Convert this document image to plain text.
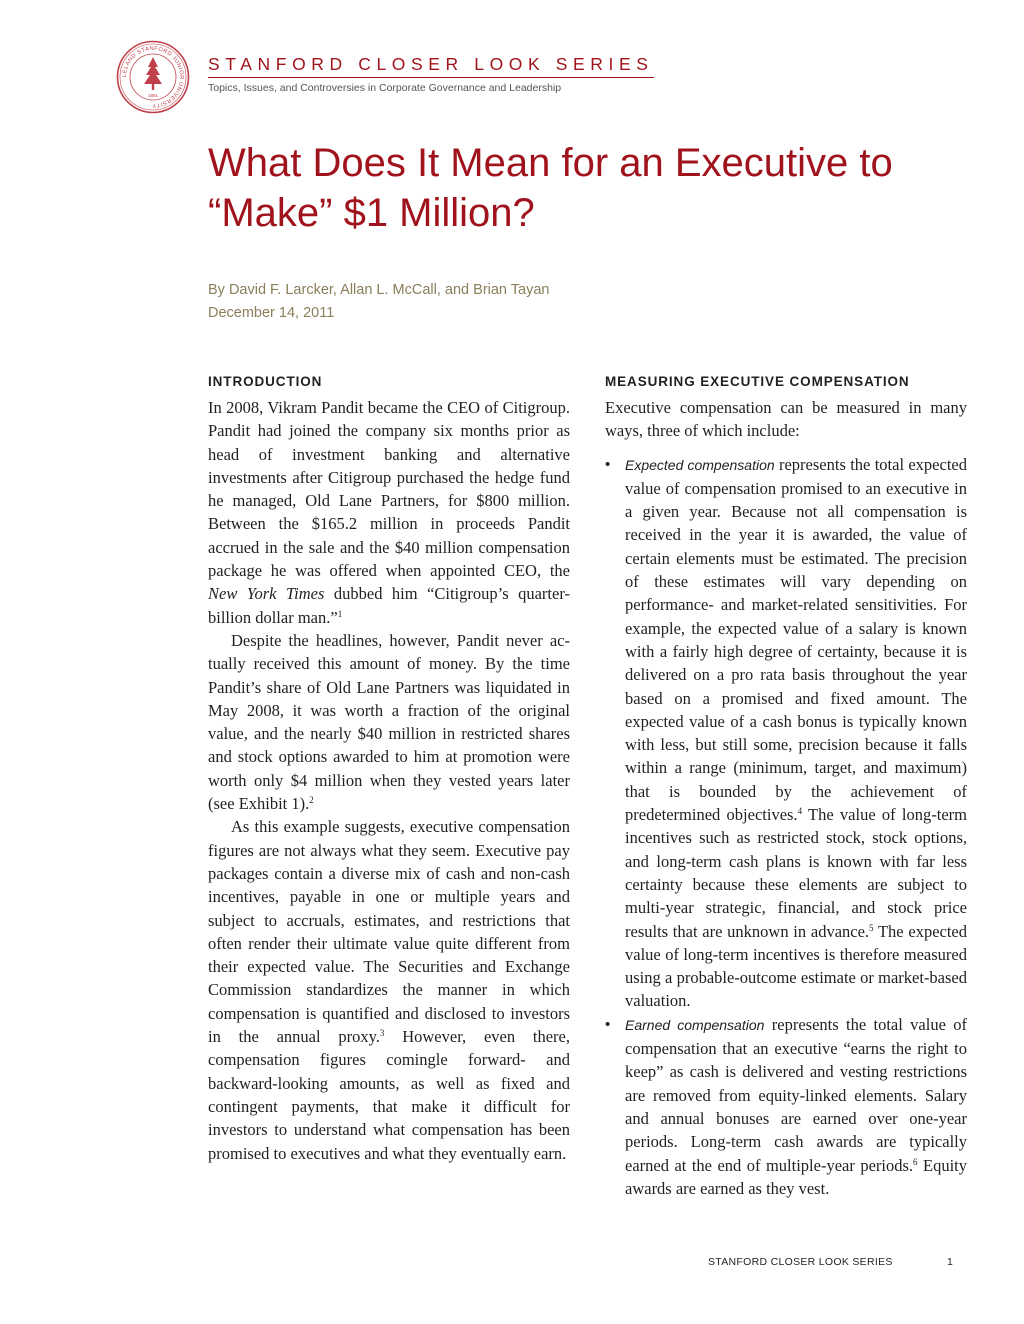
LELAND STANFORD JUNIOR UNIVERSITY
1891
STANFORD CLOSER LOOK SERIES
Topics, Issues, and Controversies in Corporate Governance and Leadership
What Does It Mean for an Executive to
“Make” $1 Million?
By David F. Larcker, Allan L. McCall, and Brian Tayan
December 14, 2011
INTRODUCTION

In 2008, Vikram Pandit became the CEO of Citigroup. Pandit had joined the company six months prior as head of investment banking and alternative investments after Citigroup purchased the hedge fund he managed, Old Lane Partners, for $800 million. Between the $165.2 million in proceeds Pandit accrued in the sale and the $40 million compensation package he was offered when appointed CEO, the New York Times dubbed him “Citigroup’s quarter-billion dollar man.”$^1$

Despite the headlines, however, Pandit never actually received this amount of money. By the time Pandit’s share of Old Lane Partners was liquidated in May 2008, it was worth a fraction of the original value, and the nearly $40 million in restricted shares and stock options awarded to him at promotion were worth only $4 million when they vested years later (see Exhibit 1).$^2$

As this example suggests, executive compensation figures are not always what they seem. Executive pay packages contain a diverse mix of cash and non-cash incentives, payable in one or multiple years and subject to accruals, estimates, and restrictions that often render their ultimate value quite different from their expected value. The Securities and Exchange Commission standardizes the manner in which compensation is quantified and disclosed to investors in the annual proxy.$^3$ However, even there, compensation figures comingle forward- and backward-looking amounts, as well as fixed and contingent payments, that make it difficult for investors to understand what compensation has been promised to executives and what they eventually earn.

MEASURING EXECUTIVE COMPENSATION

Executive compensation can be measured in many ways, three of which include:

• Expected compensation represents the total expected value of compensation promised to an executive in a given year. Because not all compensation is received in the year it is awarded, the value of certain elements must be estimated. The precision of these estimates will vary depending on performance- and market-related sensitivities. For example, the expected value of a salary is known with a fairly high degree of certainty, because it is delivered on a pro rata basis throughout the year based on a promised and fixed amount. The expected value of a cash bonus is typically known with less, but still some, precision because it falls within a range (minimum, target, and maximum) that is bounded by the achievement of predetermined objectives.$^4$ The value of long-term incentives such as restricted stock, stock options, and long-term cash plans is known with far less certainty because these elements are subject to multi-year strategic, financial, and stock price results that are unknown in advance.$^5$ The expected value of long-term incentives is therefore measured using a probable-outcome estimate or market-based valuation.
• Earned compensation represents the total value of compensation that an executive “earns the right to keep” as cash is delivered and vesting restrictions are removed from equity-linked elements. Salary and annual bonuses are earned over one-year periods. Long-term cash awards are typically earned at the end of multiple-year periods.$^6$ Equity awards are earned as they vest.
STANFORD CLOSER LOOK SERIES	1
